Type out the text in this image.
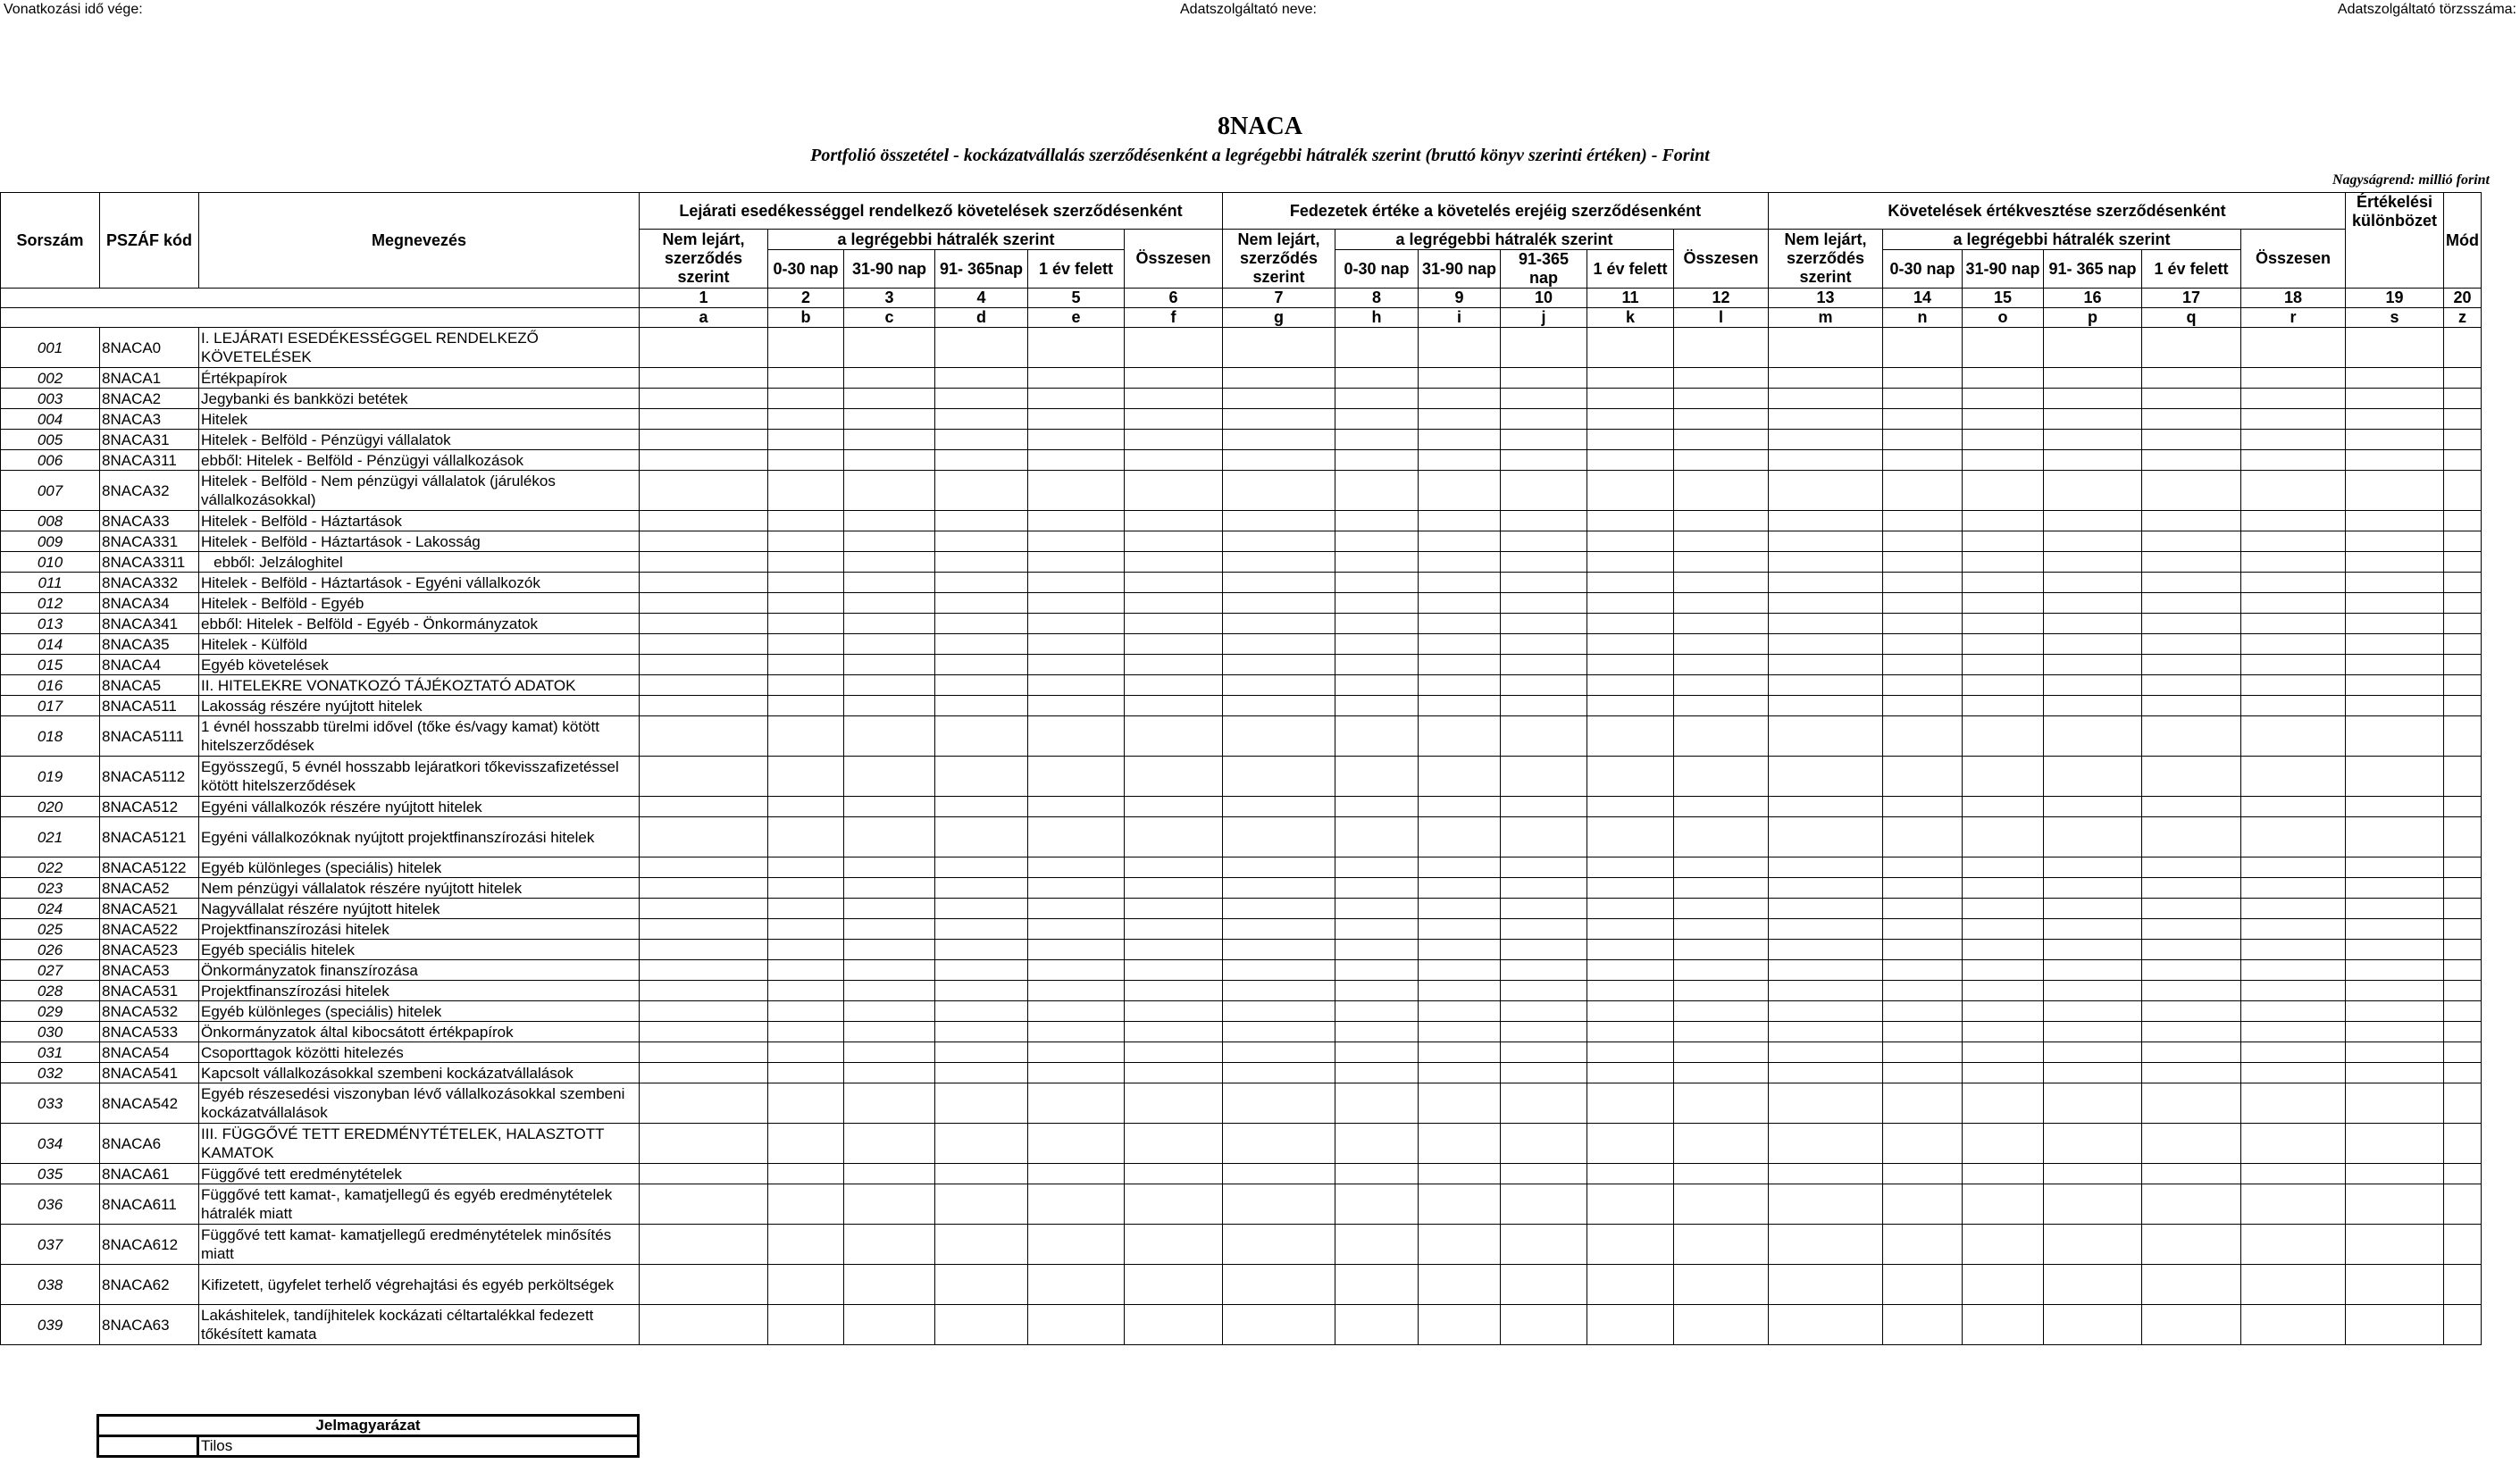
Vonatkozási idő vége:	Adatszolgáltató neve:	Adatszolgáltató törzsszáma:
8NACA
Portfolió összetétel - kockázatvállalás szerződésenként a legrégebbi hátralék szerint (bruttó könyv szerinti értéken) - Forint
Nagyságrend: millió forint
Sorszám	PSZÁF kód	Megnevezés	Lejárati esedékességgel rendelkező követelések szerződésenként						Fedezetek értéke a követelés erejéig szerződésenként						Követelések értékvesztése szerződésenként						Értékelési különbözet	Mód
			Nem lejárt, szerződés szerint	a legrégebbi hátralék szerint				Összesen	Nem lejárt, szerződés szerint	a legrégebbi hátralék szerint				Összesen	Nem lejárt, szerződés szerint	a legrégebbi hátralék szerint				Összesen		
				0-30 nap	31-90 nap	91- 365nap	1 év felett			0-30 nap	31-90 nap	91-365 nap	1 év felett			0-30 nap	31-90 nap	91- 365 nap	1 év felett			
			1	2	3	4	5	6	7	8	9	10	11	12	13	14	15	16	17	18	19	20
			a	b	c	d	e	f	g	h	i	j	k	l	m	n	o	p	q	r	s	z
001	8NACA0	I. LEJÁRATI ESEDÉKESSÉGGEL RENDELKEZŐ KÖVETELÉSEK																				
002	8NACA1	Értékpapírok																				
003	8NACA2	Jegybanki és bankközi betétek																				
004	8NACA3	Hitelek																				
005	8NACA31	Hitelek - Belföld - Pénzügyi vállalatok																				
006	8NACA311	ebből: Hitelek - Belföld - Pénzügyi vállalkozások																				
007	8NACA32	Hitelek - Belföld - Nem pénzügyi vállalatok (járulékos vállalkozásokkal)																				
008	8NACA33	Hitelek - Belföld - Háztartások																				
009	8NACA331	Hitelek - Belföld - Háztartások - Lakosság																				
010	8NACA3311	ebből: Jelzáloghitel																				
011	8NACA332	Hitelek - Belföld - Háztartások - Egyéni vállalkozók																				
012	8NACA34	Hitelek - Belföld - Egyéb																				
013	8NACA341	ebből: Hitelek - Belföld - Egyéb - Önkormányzatok																				
014	8NACA35	Hitelek - Külföld																				
015	8NACA4	Egyéb követelések																				
016	8NACA5	II. HITELEKRE VONATKOZÓ TÁJÉKOZTATÓ ADATOK																				
017	8NACA511	Lakosság részére nyújtott hitelek																				
018	8NACA5111	1 évnél hosszabb türelmi idővel (tőke és/vagy kamat) kötött hitelszerződések																				
019	8NACA5112	Egyösszegű, 5 évnél hosszabb lejáratkori tőkevisszafizetéssel kötött hitelszerződések																				
020	8NACA512	Egyéni vállalkozók részére nyújtott hitelek																				
021	8NACA5121	Egyéni vállalkozóknak nyújtott projektfinanszírozási hitelek																				
022	8NACA5122	Egyéb különleges (speciális) hitelek																				
023	8NACA52	Nem pénzügyi vállalatok részére nyújtott hitelek																				
024	8NACA521	Nagyvállalat részére nyújtott hitelek																				
025	8NACA522	Projektfinanszírozási hitelek																				
026	8NACA523	Egyéb speciális hitelek																				
027	8NACA53	Önkormányzatok finanszírozása																				
028	8NACA531	Projektfinanszírozási hitelek																				
029	8NACA532	Egyéb különleges (speciális) hitelek																				
030	8NACA533	Önkormányzatok által kibocsátott értékpapírok																				
031	8NACA54	Csoporttagok közötti hitelezés																				
032	8NACA541	Kapcsolt vállalkozásokkal szembeni kockázatvállalások																				
033	8NACA542	Egyéb részesedési viszonyban lévő vállalkozásokkal szembeni kockázatvállalások																				
034	8NACA6	III. FÜGGŐVÉ TETT EREDMÉNYTÉTELEK, HALASZTOTT KAMATOK																				
035	8NACA61	Függővé tett eredménytételek																				
036	8NACA611	Függővé tett kamat-, kamatjellegű és egyéb eredménytételek hátralék miatt																				
037	8NACA612	Függővé tett kamat- kamatjellegű eredménytételek minősítés miatt																				
038	8NACA62	Kifizetett, ügyfelet terhelő végrehajtási és egyéb perköltségek																				
039	8NACA63	Lakáshitelek, tandíjhitelek kockázati céltartalékkal fedezett tőkésített kamata																				
Jelmagyarázat
	Tilos
